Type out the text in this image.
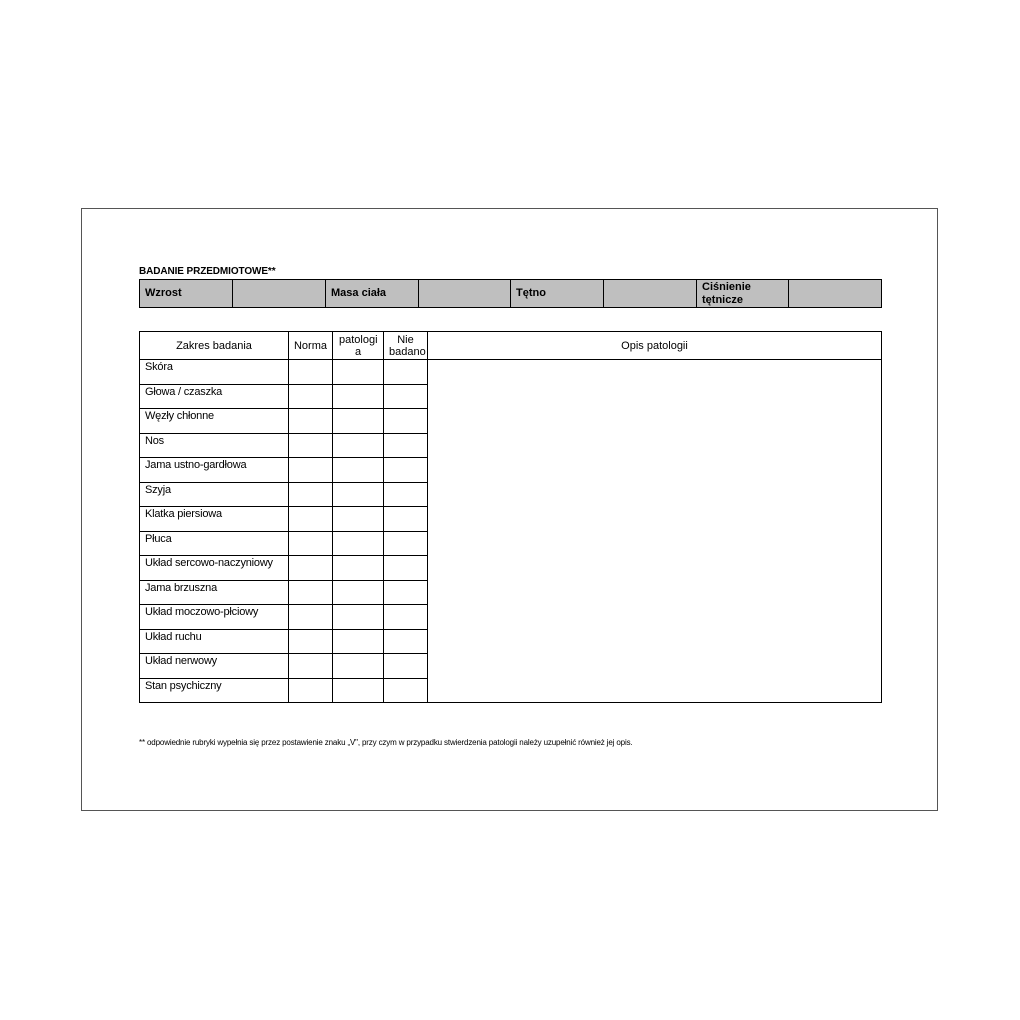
BADANIE PRZEDMIOTOWE**
Wzrost		Masa ciała		Tętno		Ciśnienie tętnicze	
Zakres badania	Norma	patologi a	Nie badano	Opis patologii
Skóra				
Głowa / czaszka				
Węzły chłonne				
Nos				
Jama ustno-gardłowa				
Szyja				
Klatka piersiowa				
Płuca				
Układ sercowo-naczyniowy				
Jama brzuszna				
Układ moczowo-płciowy				
Układ ruchu				
Układ nerwowy				
Stan psychiczny				
** odpowiednie rubryki wypełnia się przez postawienie znaku „V", przy czym w przypadku stwierdzenia patologii należy uzupełnić również jej opis.
